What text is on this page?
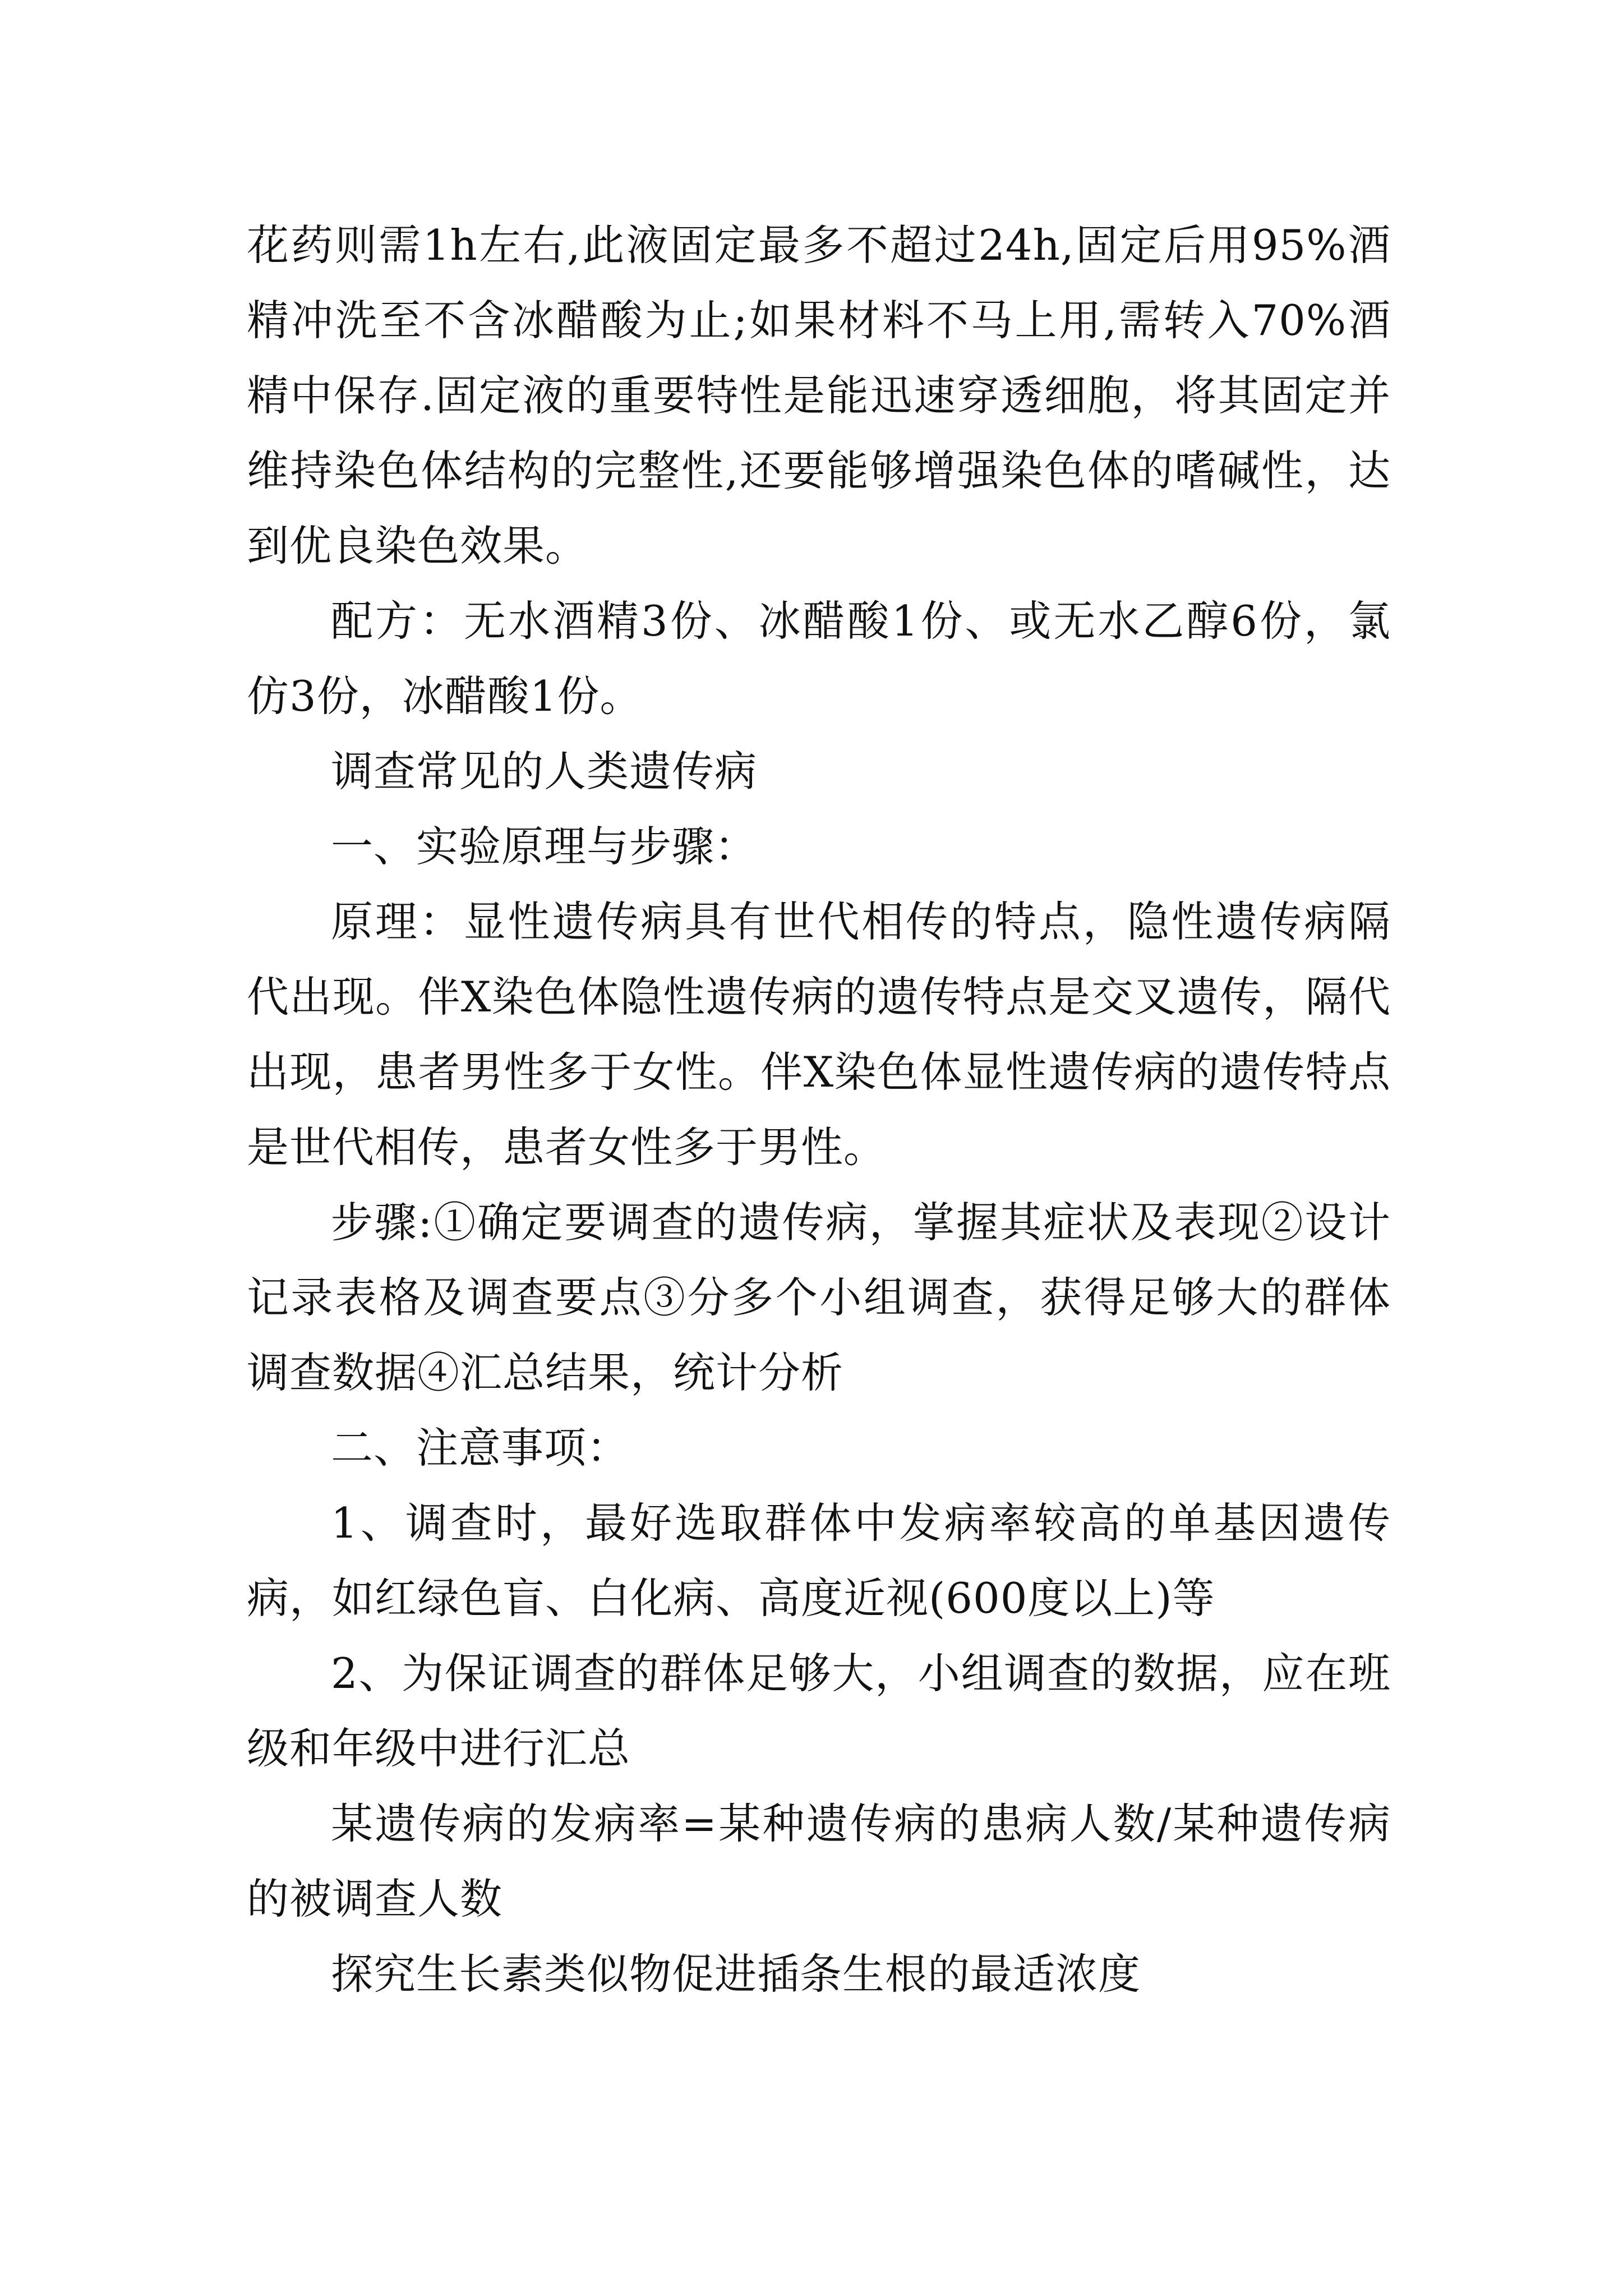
花药则需1h左右,此液固定最多不超过24h,固定后用95%酒精冲洗至不含冰醋酸为止;如果材料不马上用,需转入70%酒精中保存.固定液的重要特性是能迅速穿透细胞，将其固定并维持染色体结构的完整性,还要能够增强染色体的嗜碱性，达到优良染色效果。

配方：无水酒精3份、冰醋酸1份、或无水乙醇6份，氯仿3份，冰醋酸1份。

调查常见的人类遗传病

一、实验原理与步骤：

原理：显性遗传病具有世代相传的特点，隐性遗传病隔代出现。伴X染色体隐性遗传病的遗传特点是交叉遗传，隔代出现，患者男性多于女性。伴X染色体显性遗传病的遗传特点是世代相传，患者女性多于男性。

步骤:①确定要调查的遗传病，掌握其症状及表现②设计记录表格及调查要点③分多个小组调查，获得足够大的群体调查数据④汇总结果，统计分析

二、注意事项：

1、调查时，最好选取群体中发病率较高的单基因遗传病，如红绿色盲、白化病、高度近视(600度以上)等

2、为保证调查的群体足够大，小组调查的数据，应在班级和年级中进行汇总

某遗传病的发病率=某种遗传病的患病人数/某种遗传病的被调查人数

探究生长素类似物促进插条生根的最适浓度
